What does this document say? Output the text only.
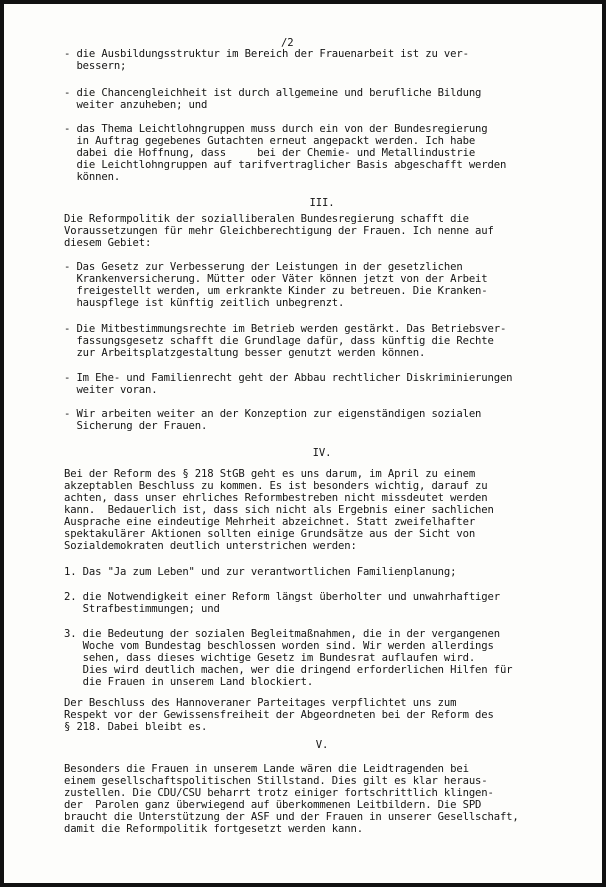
/2
- die Ausbildungsstruktur im Bereich der Frauenarbeit ist zu ver-
bessern;
- die Chancengleichheit ist durch allgemeine und berufliche Bildung
weiter anzuheben; und
- das Thema Leichtlohngruppen muss durch ein von der Bundesregierung
in Auftrag gegebenes Gutachten erneut angepackt werden. Ich habe
dabei die Hoffnung, dass     bei der Chemie- und Metallindustrie
die Leichtlohngruppen auf tarifvertraglicher Basis abgeschafft werden
können.
III.
Die Reformpolitik der sozialliberalen Bundesregierung schafft die
Voraussetzungen für mehr Gleichberechtigung der Frauen. Ich nenne auf
diesem Gebiet:
- Das Gesetz zur Verbesserung der Leistungen in der gesetzlichen
Krankenversicherung. Mütter oder Väter können jetzt von der Arbeit
freigestellt werden, um erkrankte Kinder zu betreuen. Die Kranken-
hauspflege ist künftig zeitlich unbegrenzt.
- Die Mitbestimmungsrechte im Betrieb werden gestärkt. Das Betriebsver-
fassungsgesetz schafft die Grundlage dafür, dass künftig die Rechte
zur Arbeitsplatzgestaltung besser genutzt werden können.
- Im Ehe- und Familienrecht geht der Abbau rechtlicher Diskriminierungen
weiter voran.
- Wir arbeiten weiter an der Konzeption zur eigenständigen sozialen
Sicherung der Frauen.
IV.
Bei der Reform des § 218 StGB geht es uns darum, im April zu einem
akzeptablen Beschluss zu kommen. Es ist besonders wichtig, darauf zu
achten, dass unser ehrliches Reformbestreben nicht missdeutet werden
kann.  Bedauerlich ist, dass sich nicht als Ergebnis einer sachlichen
Ausprache eine eindeutige Mehrheit abzeichnet. Statt zweifelhafter
spektakulärer Aktionen sollten einige Grundsätze aus der Sicht von
Sozialdemokraten deutlich unterstrichen werden:
1. Das "Ja zum Leben" und zur verantwortlichen Familienplanung;
2. die Notwendigkeit einer Reform längst überholter und unwahrhaftiger
Strafbestimmungen; und
3. die Bedeutung der sozialen Begleitmaßnahmen, die in der vergangenen
Woche vom Bundestag beschlossen worden sind. Wir werden allerdings
sehen, dass dieses wichtige Gesetz im Bundesrat auflaufen wird.
Dies wird deutlich machen, wer die dringend erforderlichen Hilfen für
die Frauen in unserem Land blockiert.
Der Beschluss des Hannoveraner Parteitages verpflichtet uns zum
Respekt vor der Gewissensfreiheit der Abgeordneten bei der Reform des
§ 218. Dabei bleibt es.
V.
Besonders die Frauen in unserem Lande wären die Leidtragenden bei
einem gesellschaftspolitischen Stillstand. Dies gilt es klar heraus-
zustellen. Die CDU/CSU beharrt trotz einiger fortschrittlich klingen-
der  Parolen ganz überwiegend auf überkommenen Leitbildern. Die SPD
braucht die Unterstützung der ASF und der Frauen in unserer Gesellschaft,
damit die Reformpolitik fortgesetzt werden kann.
